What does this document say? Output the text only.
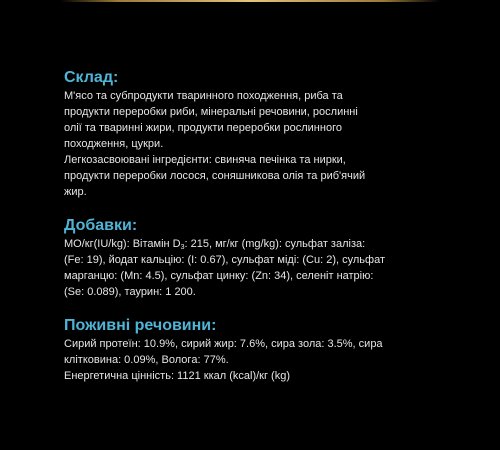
Склад:

М'ясо та субпродукти тваринного походження, риба та
продукти переробки риби, мінеральні речовини, рослинні
олії та тваринні жири, продукти переробки рослинного
походження, цукри.
Легкозасвоювані інгредієнти: свиняча печінка та нирки,
продукти переробки лосося, соняшникова олія та риб'ячий
жир.

Добавки:

МО/кг(IU/kg): Вітамін $D_3$: 215, мг/кг (mg/kg): сульфат заліза:
(Fe: 19), йодат кальцію: (I: 0.67), сульфат міді: (Cu: 2), сульфат
марганцю: (Mn: 4.5), сульфат цинку: (Zn: 34), селеніт натрію:
(Se: 0.089), таурин: 1 200.

Поживні речовини:

Сирий протеїн: 10.9%, сирий жир: 7.6%, сира зола: 3.5%, сира
клітковина: 0.09%, Вологa: 77%.
Енергетична цінність: 1121 ккал (kcal)/кг (kg)
